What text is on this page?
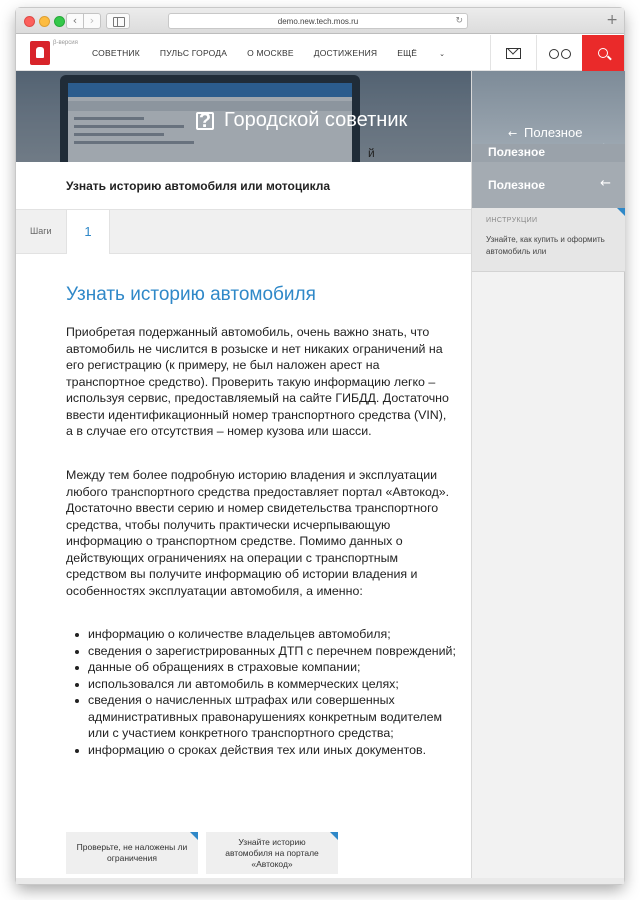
‹	›	demo.new.tech.mos.ru	↻	+
β-версия
СОВЕТНИК ПУЛЬС ГОРОДА О МОСКВЕ ДОСТИЖЕНИЯ ЕЩЁ	⌄
? Городской советник
Узнать историю автомобиля или мотоцикла
й
Шаги	1
← Полезное
Полезное
Полезное	←
ИНСТРУКЦИИ
Узнайте, как купить и оформить автомобиль или
Узнать историю автомобиля

Приобретая подержанный автомобиль, очень важно знать, что автомобиль не числится в розыске и нет никаких ограничений на его регистрацию (к примеру, не был наложен арест на транспортное средство). Проверить такую информацию легко – используя сервис, предоставляемый на сайте ГИБДД. Достаточно ввести идентификационный номер транспортного средства (VIN), а в случае его отсутствия – номер кузова или шасси.

Между тем более подробную историю владения и эксплуатации любого транспортного средства предоставляет портал «Автокод». Достаточно ввести серию и номер свидетельства транспортного средства, чтобы получить практически исчерпывающую информацию о транспортном средстве. Помимо данных о действующих ограничениях на операции с транспортным средством вы получите информацию об истории владения и особенностях эксплуатации автомобиля, а именно:

информацию о количестве владельцев автомобиля;
сведения о зарегистрированных ДТП с перечнем повреждений;
данные об обращениях в страховые компании;
использовался ли автомобиль в коммерческих целях;
сведения о начисленных штрафах или совершенных административных правонарушениях конкретным водителем или с участием конкретного транспортного средства;
информацию о сроках действия тех или иных документов.
Проверьте, не наложены ли ограничения
Узнайте историю автомобиля на портале «Автокод»
